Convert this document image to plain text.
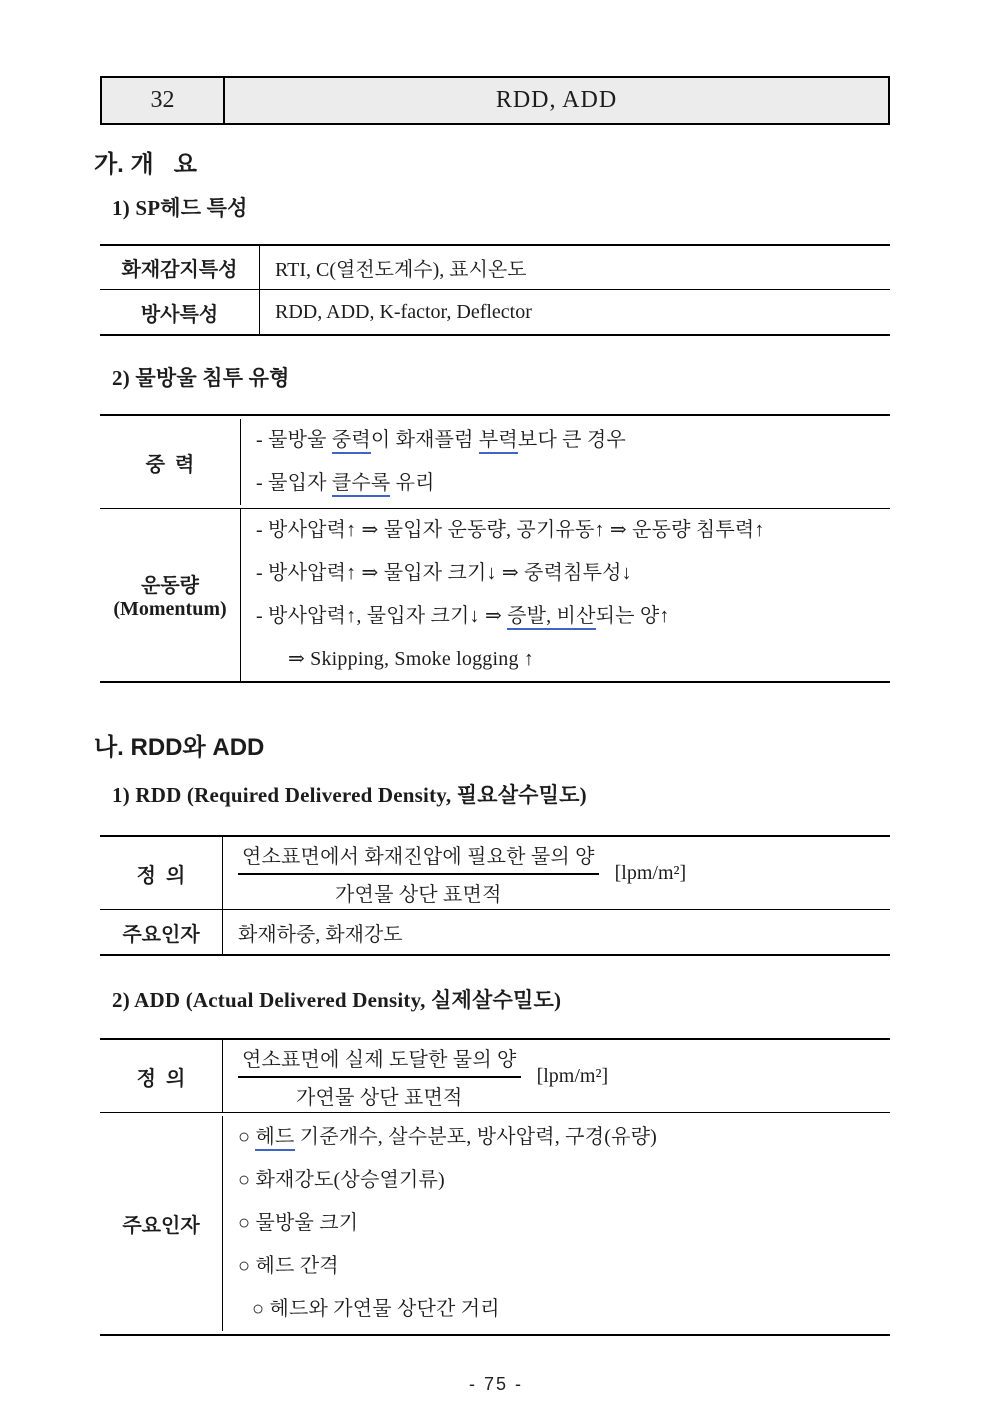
32	RDD, ADD
가. 개   요
1) SP헤드 특성
화재감지특성	RTI, C(열전도계수), 표시온도
방사특성	RDD, ADD, K-factor, Deflector
2) 물방울 침투 유형
중  력
- 물방울 중력이 화재플럼 부력보다 큰 경우
- 물입자 클수록 유리
운동량
(Momentum)
- 방사압력↑ ⇒ 물입자 운동량, 공기유동↑ ⇒ 운동량 침투력↑
- 방사압력↑ ⇒ 물입자 크기↓ ⇒ 중력침투성↓
- 방사압력↑, 물입자 크기↓ ⇒ 증발, 비산되는 양↑
⇒ Skipping, Smoke logging ↑
나. RDD와 ADD
1) RDD (Required Delivered Density, 필요살수밀도)
정  의	$\frac{\text{연소표면에서 화재진압에 필요한 물의 양}}{\text{가연물 상단 표면적}} [lpm/m^2]$
주요인자	화재하중, 화재강도
2) ADD (Actual Delivered Density, 실제살수밀도)
정  의	$\frac{\text{연소표면에 실제 도달한 물의 양}}{\text{가연물 상단 표면적}} [lpm/m^2]$
주요인자
○ 헤드 기준개수, 살수분포, 방사압력, 구경(유량)
○ 화재강도(상승열기류)
○ 물방울 크기
○ 헤드 간격
○ 헤드와 가연물 상단간 거리
- 75 -
